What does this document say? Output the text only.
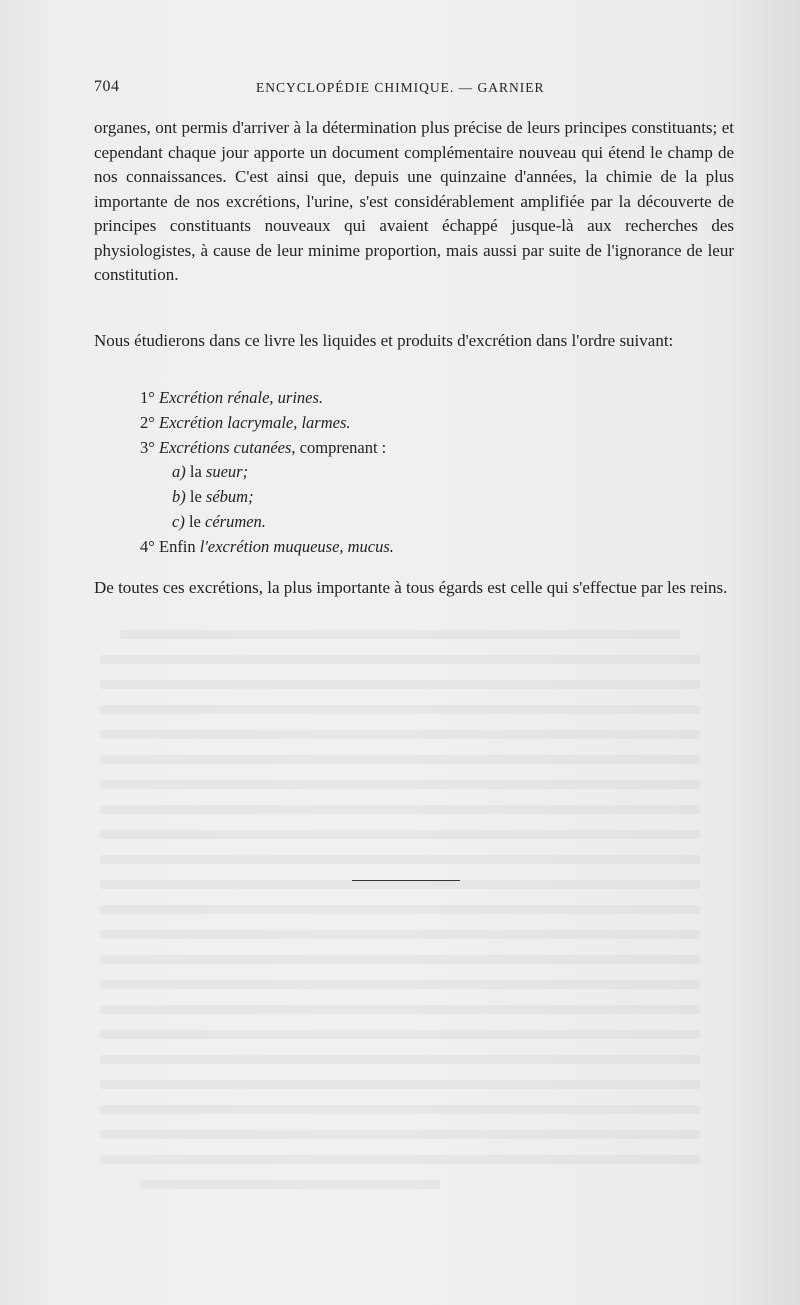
704	ENCYCLOPÉDIE CHIMIQUE. — GARNIER

organes, ont permis d'arriver à la détermination plus précise de leurs principes constituants; et cependant chaque jour apporte un document complémentaire nouveau qui étend le champ de nos connaissances. C'est ainsi que, depuis une quinzaine d'années, la chimie de la plus importante de nos excrétions, l'urine, s'est considérablement amplifiée par la découverte de principes constituants nouveaux qui avaient échappé jusque-là aux recherches des physiologistes, à cause de leur minime proportion, mais aussi par suite de l'ignorance de leur constitution.

Nous étudierons dans ce livre les liquides et produits d'excrétion dans l'ordre suivant:

1° Excrétion rénale, urines.
2° Excrétion lacrymale, larmes.
3° Excrétions cutanées, comprenant :
a) la sueur;
b) le sébum;
c) le cérumen.
4° Enfin l'excrétion muqueuse, mucus.

De toutes ces excrétions, la plus importante à tous égards est celle qui s'effectue par les reins.
